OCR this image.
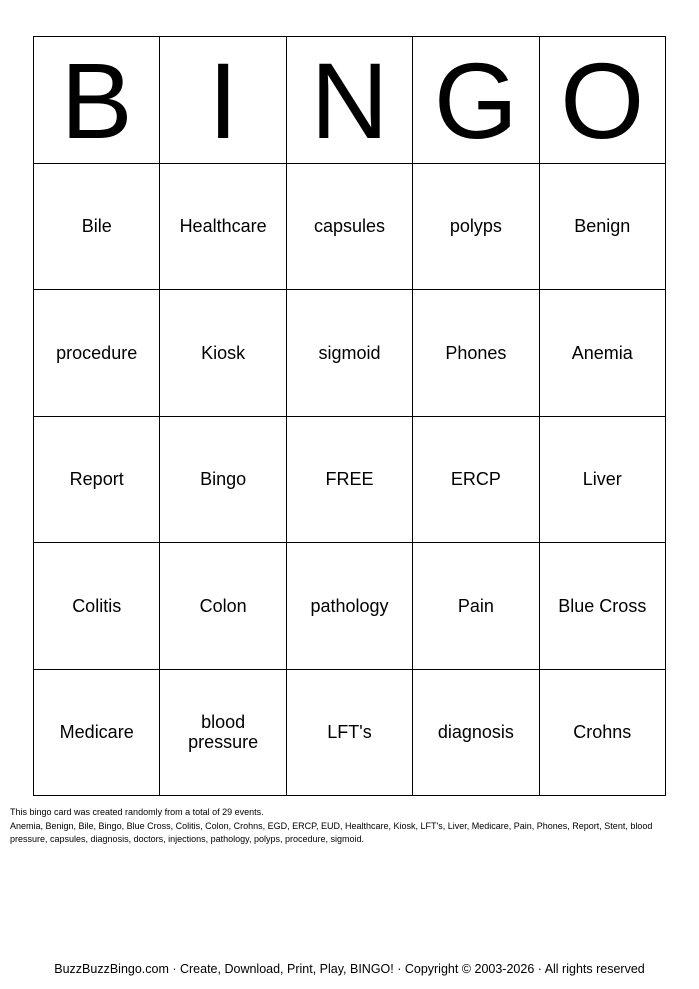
B I N G O
Bile	Healthcare	capsules	polyps	Benign
procedure	Kiosk	sigmoid	Phones	Anemia
Report	Bingo	FREE	ERCP	Liver
Colitis	Colon	pathology	Pain	Blue Cross
Medicare	blood pressure	LFT's	diagnosis	Crohns

This bingo card was created randomly from a total of 29 events.

Anemia, Benign, Bile, Bingo, Blue Cross, Colitis, Colon, Crohns, EGD, ERCP, EUD, Healthcare, Kiosk, LFT's, Liver, Medicare, Pain, Phones, Report, Stent, blood pressure, capsules, diagnosis, doctors, injections, pathology, polyps, procedure, sigmoid.

BuzzBuzzBingo.com · Create, Download, Print, Play, BINGO! · Copyright © 2003-2026 · All rights reserved
